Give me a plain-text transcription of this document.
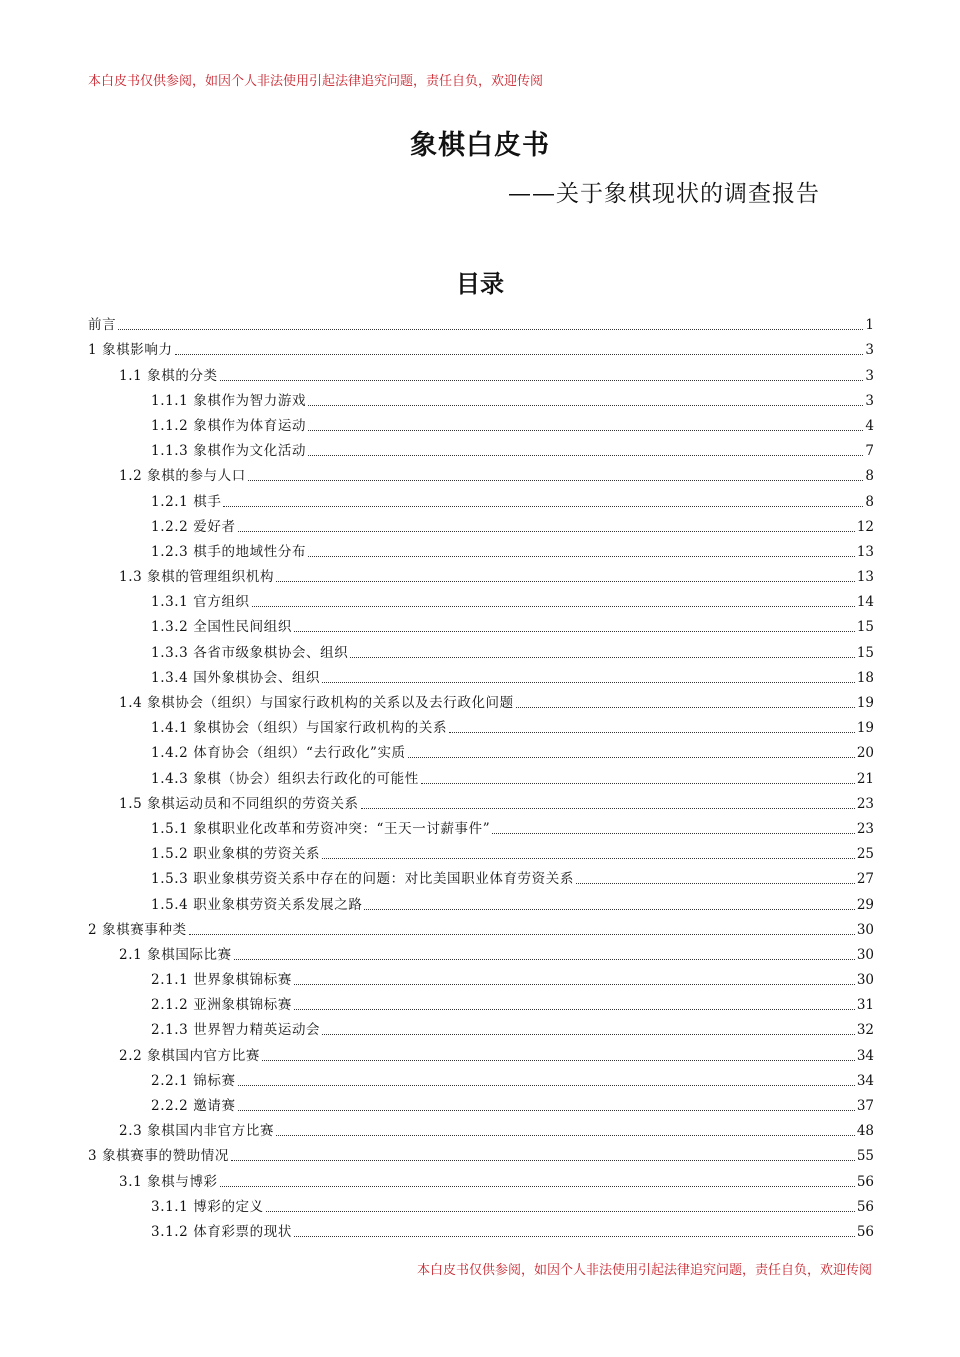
本白皮书仅供参阅，如因个人非法使用引起法律追究问题，责任自负，欢迎传阅
象棋白皮书
——关于象棋现状的调查报告
目录
前言	1
1 象棋影响力	3
1.1 象棋的分类	3
1.1.1 象棋作为智力游戏	3
1.1.2 象棋作为体育运动	4
1.1.3 象棋作为文化活动	7
1.2 象棋的参与人口	8
1.2.1 棋手	8
1.2.2 爱好者	12
1.2.3 棋手的地域性分布	13
1.3 象棋的管理组织机构	13
1.3.1 官方组织	14
1.3.2 全国性民间组织	15
1.3.3 各省市级象棋协会、组织	15
1.3.4 国外象棋协会、组织	18
1.4 象棋协会（组织）与国家行政机构的关系以及去行政化问题	19
1.4.1 象棋协会（组织）与国家行政机构的关系	19
1.4.2 体育协会（组织）“去行政化”实质	20
1.4.3 象棋（协会）组织去行政化的可能性	21
1.5 象棋运动员和不同组织的劳资关系	23
1.5.1 象棋职业化改革和劳资冲突：“王天一讨薪事件”	23
1.5.2 职业象棋的劳资关系	25
1.5.3 职业象棋劳资关系中存在的问题：对比美国职业体育劳资关系	27
1.5.4 职业象棋劳资关系发展之路	29
2 象棋赛事种类	30
2.1 象棋国际比赛	30
2.1.1 世界象棋锦标赛	30
2.1.2 亚洲象棋锦标赛	31
2.1.3 世界智力精英运动会	32
2.2 象棋国内官方比赛	34
2.2.1 锦标赛	34
2.2.2 邀请赛	37
2.3 象棋国内非官方比赛	48
3 象棋赛事的赞助情况	55
3.1 象棋与博彩	56
3.1.1 博彩的定义	56
3.1.2 体育彩票的现状	56
本白皮书仅供参阅，如因个人非法使用引起法律追究问题，责任自负，欢迎传阅
